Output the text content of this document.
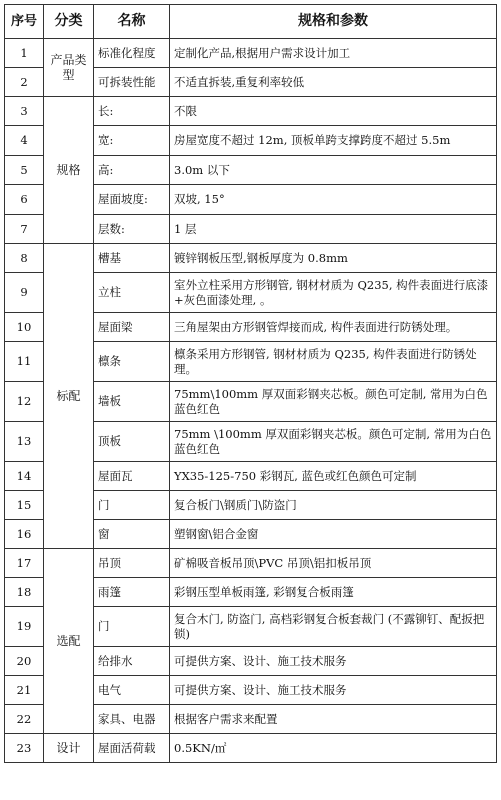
序号	分类	名称	规格和参数
1	产品类型	标准化程度	定制化产品,根据用户需求设计加工
2		可拆装性能	不适直拆装,重复利率较低
3	规格	长:	不限
4		宽:	房屋宽度不超过 12m, 顶板单跨支撑跨度不超过 5.5m
5		高:	3.0m 以下
6		屋面坡度:	双坡, 15°
7		层数:	1 层
8	标配	槽基	镀锌钢板压型,钢板厚度为 0.8mm
9		立柱	室外立柱采用方形钢管, 钢材材质为 Q235, 构件表面进行底漆+灰色面漆处理, 。
10		屋面梁	三角屋架由方形钢管焊接而成, 构件表面进行防锈处理。
11		檩条	檩条采用方形钢管, 钢材材质为 Q235, 构件表面进行防锈处理。
12		墙板	75mm\100mm 厚双面彩钢夹芯板。颜色可定制, 常用为白色蓝色红色
13		顶板	75mm \100mm 厚双面彩钢夹芯板。颜色可定制, 常用为白色蓝色红色
14		屋面瓦	YX35-125-750 彩钢瓦, 蓝色或红色颜色可定制
15		门	复合板门\钢质门\防盗门
16		窗	塑钢窗\铝合金窗
17	选配	吊顶	矿棉吸音板吊顶\PVC 吊顶\铝扣板吊顶
18		雨篷	彩钢压型单板雨篷, 彩钢复合板雨篷
19		门	复合木门, 防盗门, 高档彩钢复合板套裁门 (不露铆钉、配扳把锁)
20		给排水	可提供方案、设计、施工技术服务
21		电气	可提供方案、设计、施工技术服务
22		家具、电器	根据客户需求来配置
23	设计	屋面活荷载	0.5KN/㎡
